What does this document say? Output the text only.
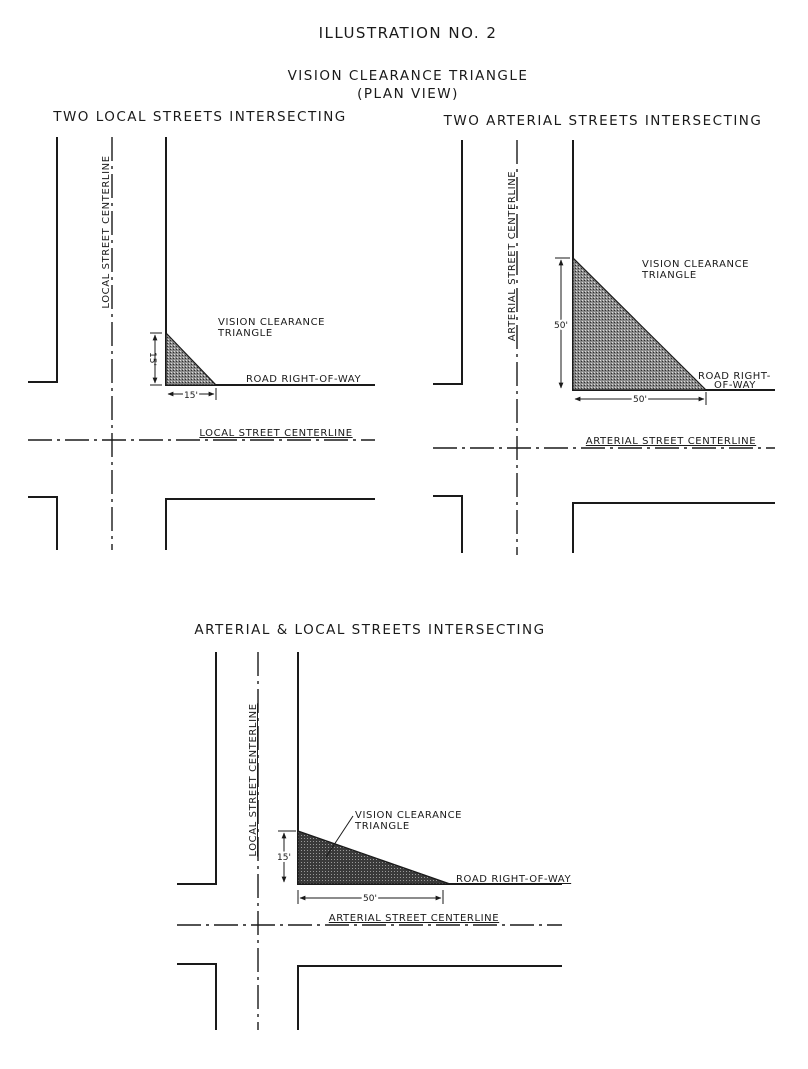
ILLUSTRATION NO. 2
VISION CLEARANCE TRIANGLE
(PLAN VIEW)
TWO LOCAL STREETS INTERSECTING
LOCAL STREET CENTERLINE
LOCAL STREET CENTERLINE
VISION CLEARANCE
TRIANGLE
ROAD RIGHT-OF-WAY
15'
15'
TWO ARTERIAL STREETS INTERSECTING
ARTERIAL STREET CENTERLINE
ARTERIAL STREET CENTERLINE
VISION CLEARANCE
TRIANGLE
ROAD RIGHT-
OF-WAY
50'
50'
ARTERIAL & LOCAL STREETS INTERSECTING
LOCAL STREET CENTERLINE
ARTERIAL STREET CENTERLINE
VISION CLEARANCE
TRIANGLE
ROAD RIGHT-OF-WAY
15'
50'
